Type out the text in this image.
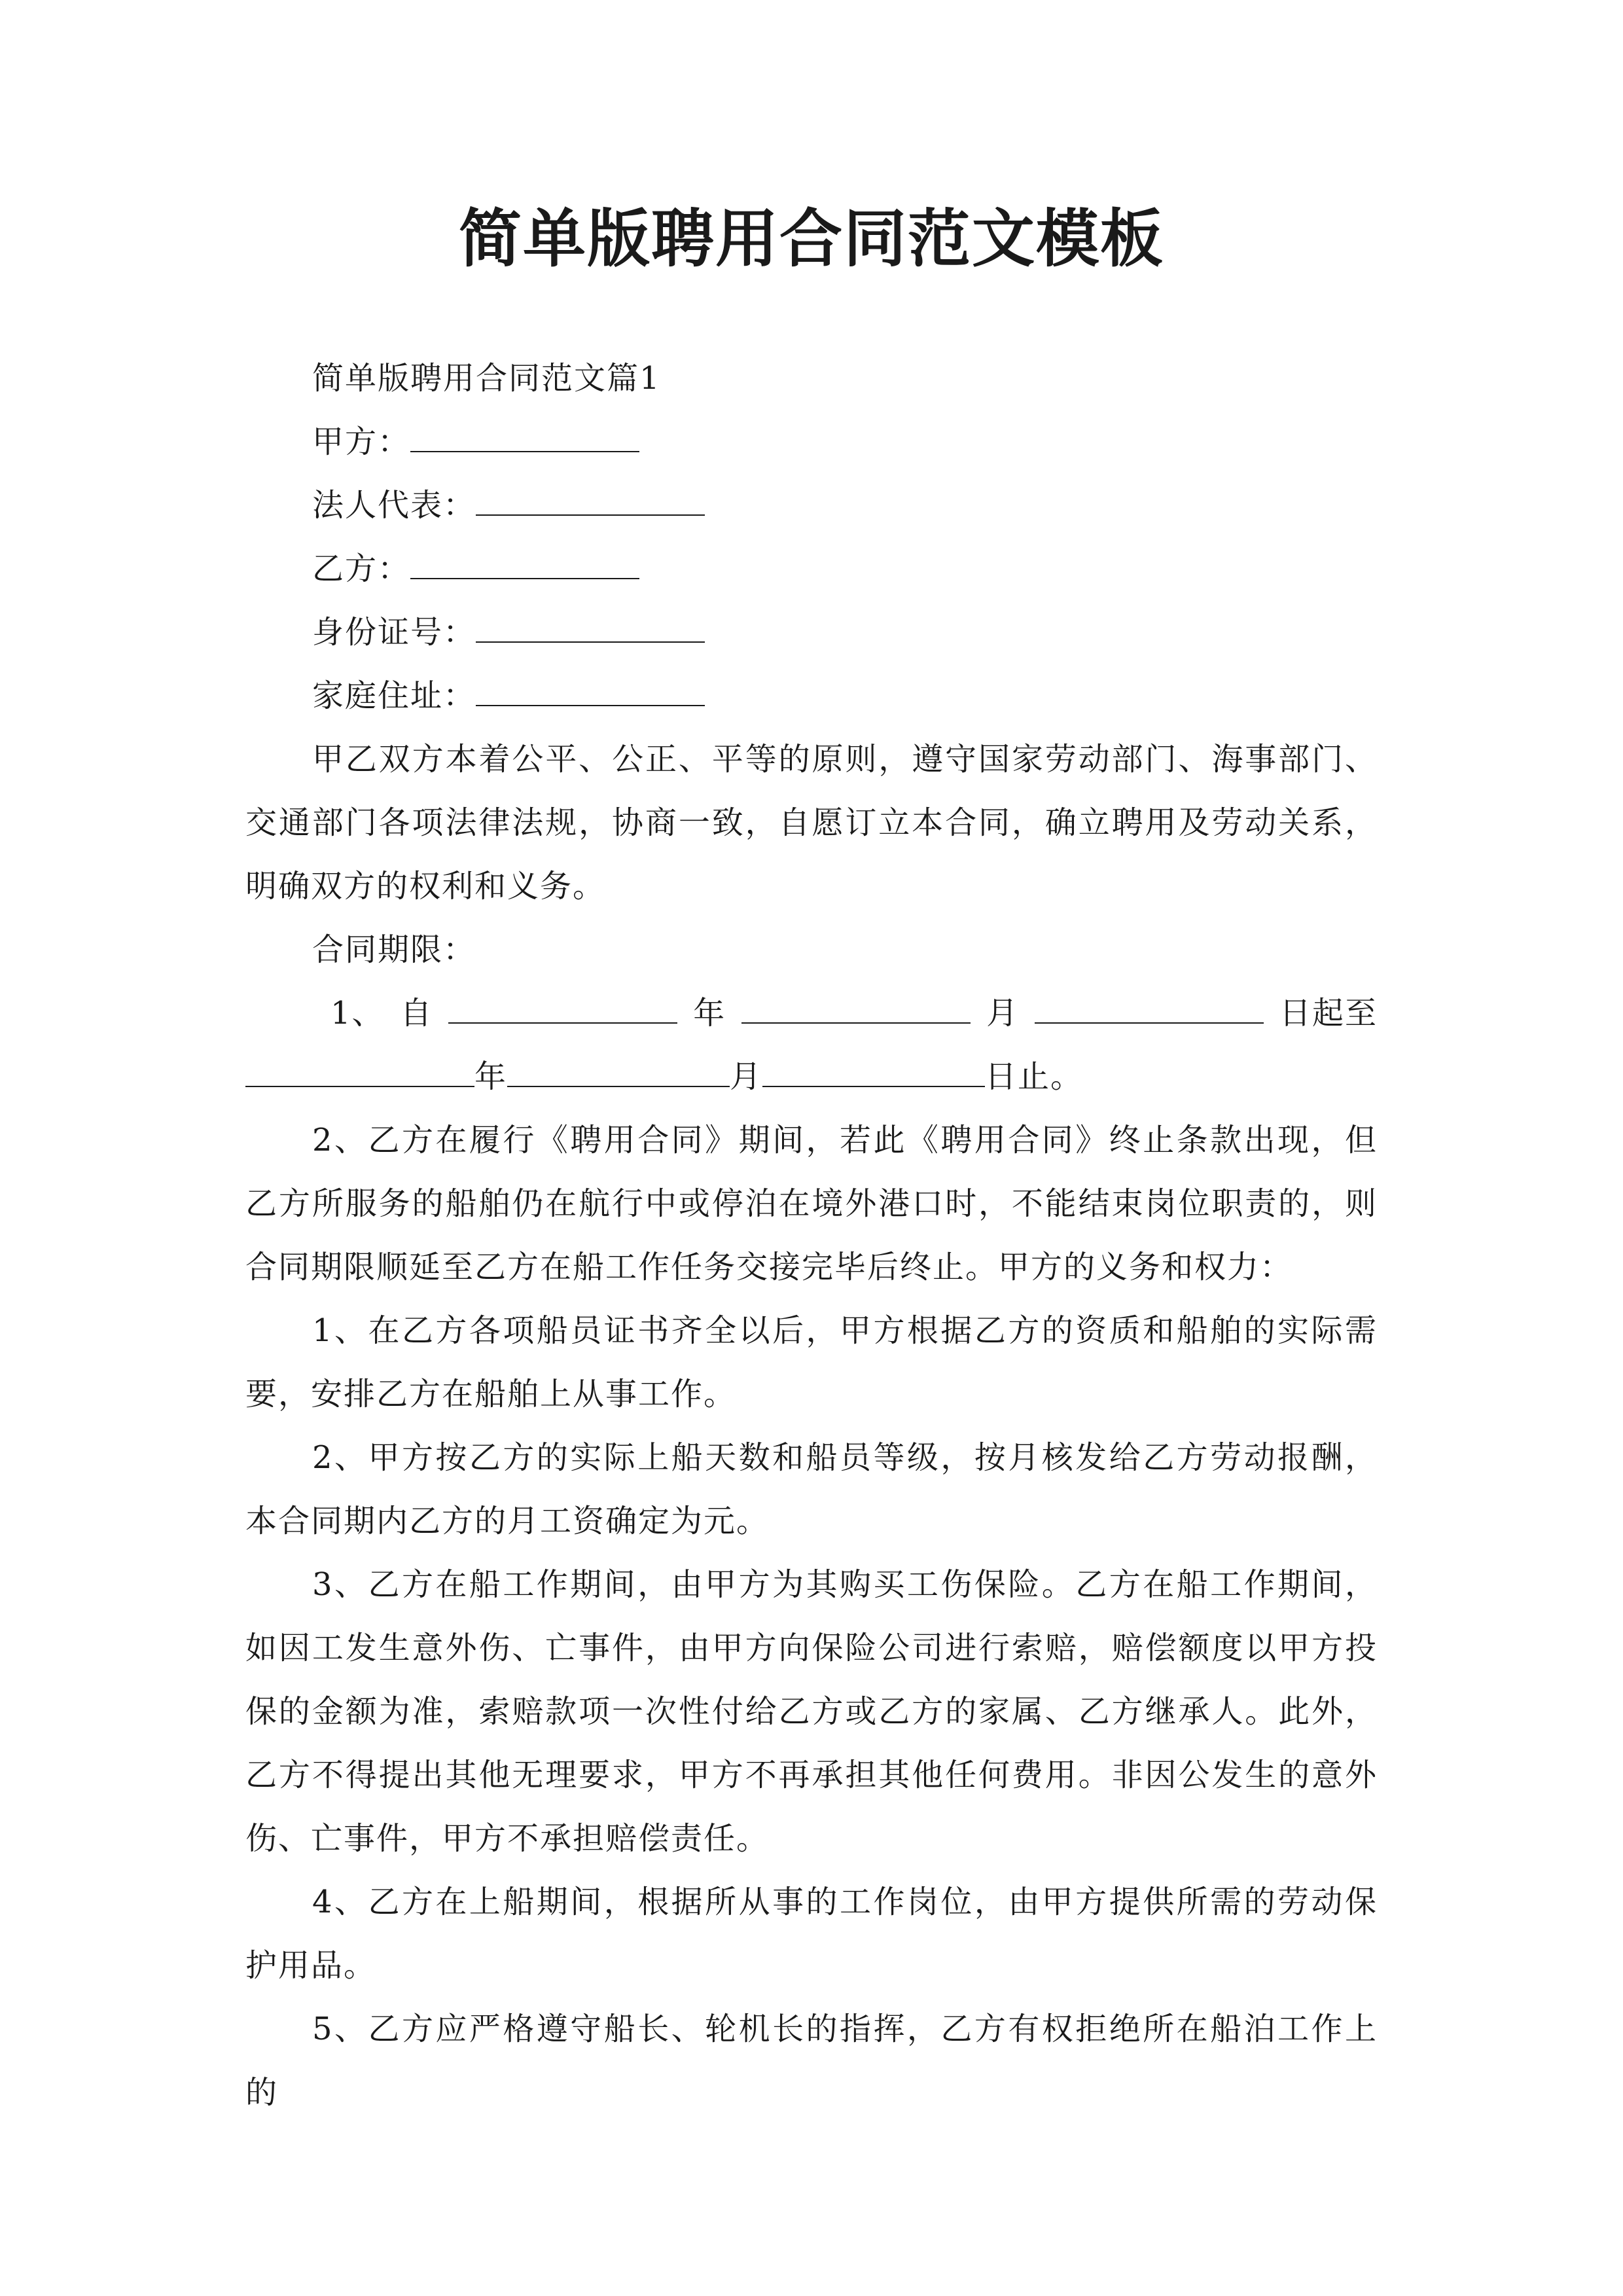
简单版聘用合同范文模板
简单版聘用合同范文篇1
甲方：
法人代表：
乙方：
身份证号：
家庭住址：

甲乙双方本着公平、公正、平等的原则，遵守国家劳动部门、海事部门、交通部门各项法律法规，协商一致，自愿订立本合同，确立聘用及劳动关系，明确双方的权利和义务。

合同期限：
1、 自	年	月	日起至
年	月	日止。

2、乙方在履行《聘用合同》期间，若此《聘用合同》终止条款出现，但乙方所服务的船舶仍在航行中或停泊在境外港口时，不能结束岗位职责的，则合同期限顺延至乙方在船工作任务交接完毕后终止。甲方的义务和权力：

1、在乙方各项船员证书齐全以后，甲方根据乙方的资质和船舶的实际需要，安排乙方在船舶上从事工作。

2、甲方按乙方的实际上船天数和船员等级，按月核发给乙方劳动报酬，本合同期内乙方的月工资确定为元。

3、乙方在船工作期间，由甲方为其购买工伤保险。乙方在船工作期间，如因工发生意外伤、亡事件，由甲方向保险公司进行索赔，赔偿额度以甲方投保的金额为准，索赔款项一次性付给乙方或乙方的家属、乙方继承人。此外，乙方不得提出其他无理要求，甲方不再承担其他任何费用。非因公发生的意外伤、亡事件，甲方不承担赔偿责任。

4、乙方在上船期间，根据所从事的工作岗位，由甲方提供所需的劳动保护用品。

5、乙方应严格遵守船长、轮机长的指挥，乙方有权拒绝所在船泊工作上的
